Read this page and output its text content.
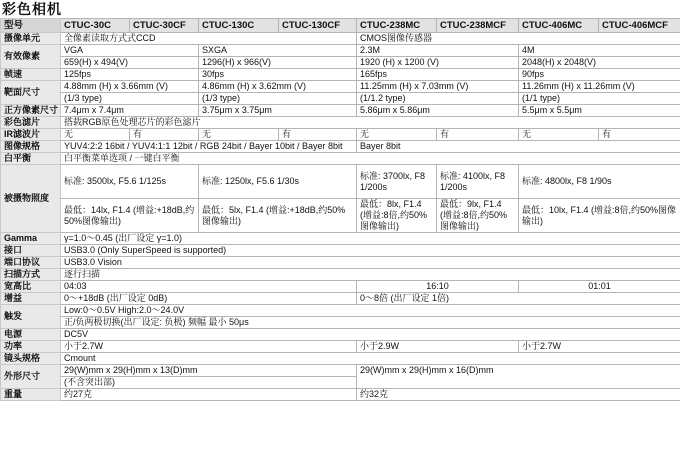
彩色相机
型号	CTUC-30C	CTUC-30CF	CTUC-130C	CTUC-130CF	CTUC-238MC	CTUC-238MCF	CTUC-406MC	CTUC-406MCF
摄像单元	全像素读取方式式CCD				CMOS图像传感器			
有效像素	VGA		SXGA		2.3M		4M	
	659(H) x 494(V)		1296(H) x 966(V)		1920 (H) x 1200 (V)		2048(H) x 2048(V)	
帧速	125fps		30fps		165fps		90fps	
靶面尺寸	4.88mm (H) x 3.66mm (V)		4.86mm (H) x 3.62mm (V)		11.25mm (H) x 7.03mm (V)		11.26mm (H) x 11.26mm (V)	
	(1/3 type)		(1/3 type)		(1/1.2 type)		(1/1 type)	
正方像素尺寸	7.4μm x 7.4μm		3.75μm x 3.75μm		5.86μm x 5.86μm		5.5μm x 5.5μm	
彩色滤片	搭载RGB原色处理芯片的彩色滤片							
IR滤波片	无	有	无	有	无	有	无	有
图像规格	YUV4:2:2 16bit / YUV4:1:1 12bit / RGB 24bit / Bayer 10bit / Bayer 8bit				Bayer 8bit			
白平衡	白平衡菜单选项 / 一键白平衡							
被摄物照度	标准: 3500lx, F5.6 1/125s		标准: 1250lx, F5.6 1/30s		标准: 3700lx, F8 1/200s	标准: 4100lx, F8 1/200s	标准: 4800lx, F8 1/90s	
	最低：14lx, F1.4 (增益:+18dB,约50%图像输出)		最低：5lx, F1.4 (增益:+18dB,约50%图像输出)		最低：8lx, F1.4 (增益:8倍,约50%图像输出)	最低：9lx, F1.4 (增益:8倍,约50%图像输出)	最低：10lx, F1.4 (增益:8倍,约50%图像输出)	
Gamma	γ=1.0～0.45 (出厂设定 γ=1.0)							
接口	USB3.0 (Only SuperSpeed is supported)							
端口协议	USB3.0 Vision							
扫描方式	逐行扫描							
宽高比	04:03				16:10		01:01	
增益	0～+18dB (出厂设定 0dB)				0～8倍 (出厂设定 1倍)			
触发	Low:0～0.5V High:2.0～24.0V							
	正/负两极切换(出厂设定: 负极) 频幅 最小 50μs							
电源	DC5V							
功率	小于2.7W				小于2.9W		小于2.7W	
镜头规格	Cmount							
外形尺寸	29(W)mm x 29(H)mm x 13(D)mm				29(W)mm x 29(H)mm x 16(D)mm			
	(不含突出部)							
重量	约27克				约32克			
